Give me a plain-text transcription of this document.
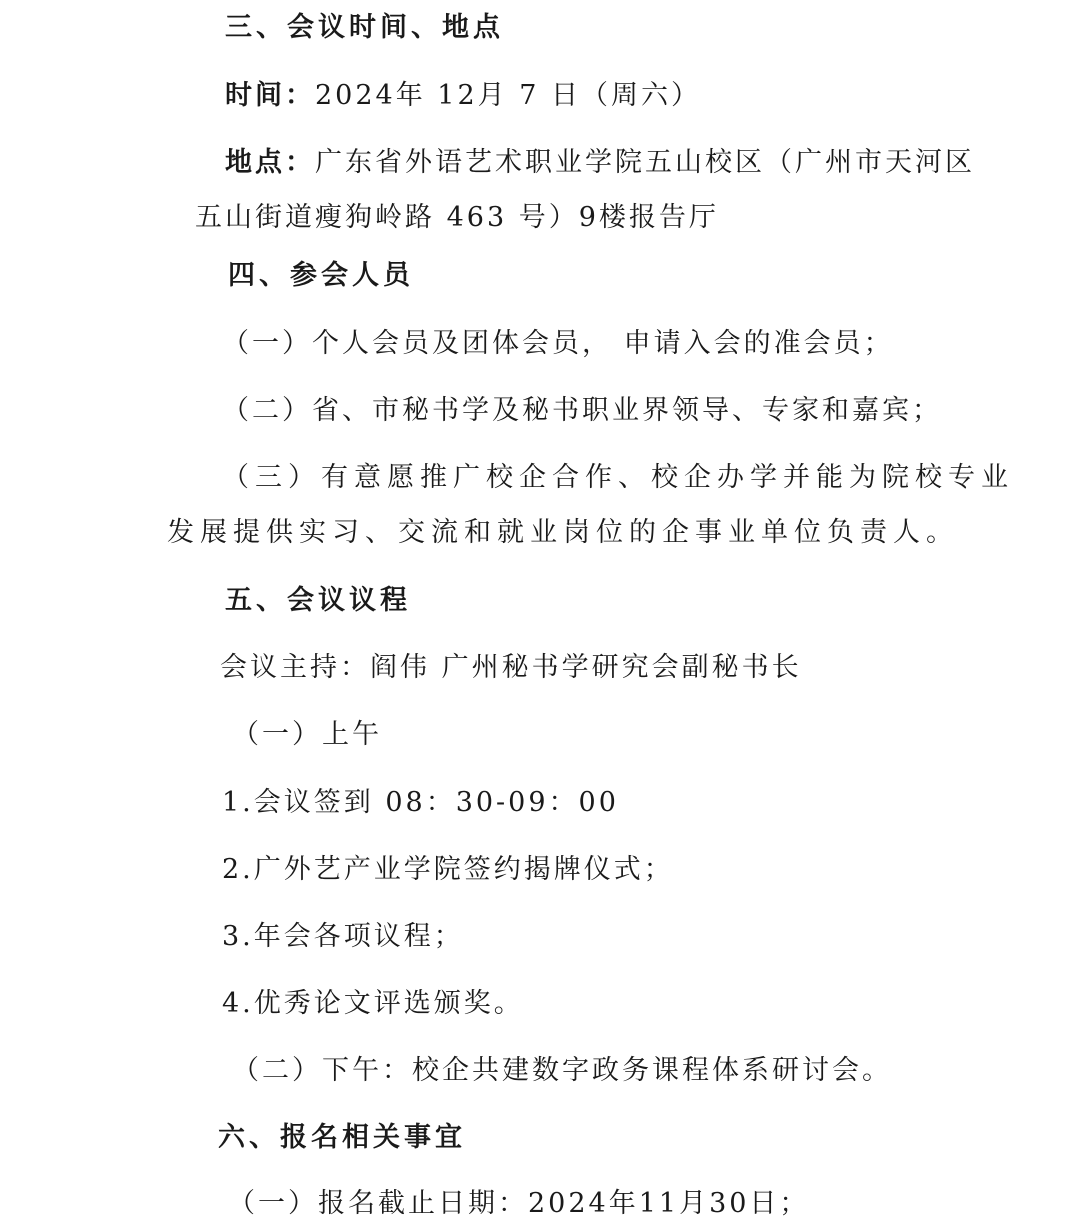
三、会议时间、地点
时间：2024年 12月 7 日（周六）
地点：广东省外语艺术职业学院五山校区（广州市天河区
五山街道瘦狗岭路 463 号）9楼报告厅
四、参会人员
（一）个人会员及团体会员， 申请入会的准会员；
（二）省、市秘书学及秘书职业界领导、专家和嘉宾；
（三）有意愿推广校企合作、校企办学并能为院校专业
发展提供实习、交流和就业岗位的企事业单位负责人。
五、会议议程
会议主持：阎伟 广州秘书学研究会副秘书长
（一）上午
1.会议签到 08：30-09：00
2.广外艺产业学院签约揭牌仪式；
3.年会各项议程；
4.优秀论文评选颁奖。
（二）下午：校企共建数字政务课程体系研讨会。
六、报名相关事宜
（一）报名截止日期：2024年11月30日；
